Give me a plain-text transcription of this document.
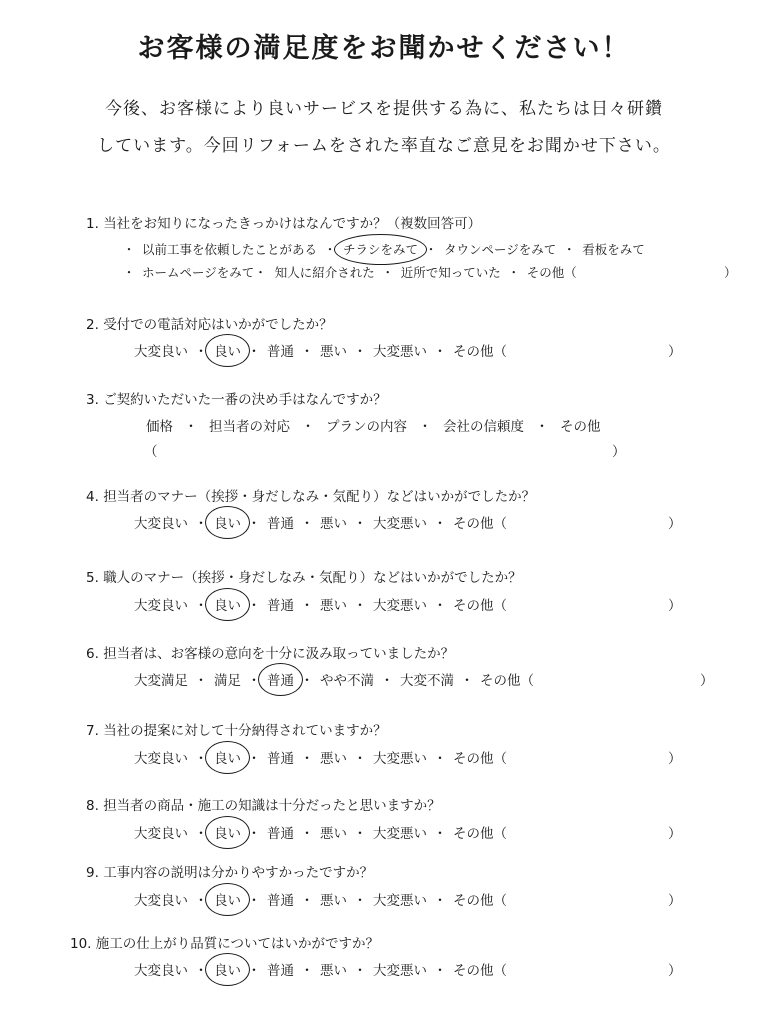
お客様の満足度をお聞かせください！
今後、お客様により良いサービスを提供する為に、私たちは日々研鑽
しています。今回リフォームをされた率直なご意見をお聞かせ下さい。
1. 当社をお知りになったきっかけはなんですか？（複数回答可）
・ 以前工事を依頼したことがある ・ チラシをみて ・ タウンページをみて ・ 看板をみて
・ ホームページをみて・ 知人に紹介された ・ 近所で知っていた ・ その他（	）
2. 受付での電話対応はいかがでしたか？
大変良い ・ 良い ・ 普通 ・ 悪い ・ 大変悪い ・ その他（	）
3. ご契約いただいた一番の決め手はなんですか？
価格 ・ 担当者の対応 ・ プランの内容 ・ 会社の信頼度 ・ その他
（	）
4. 担当者のマナー（挨拶・身だしなみ・気配り）などはいかがでしたか？
大変良い ・ 良い ・ 普通 ・ 悪い ・ 大変悪い ・ その他（	）
5. 職人のマナー（挨拶・身だしなみ・気配り）などはいかがでしたか？
大変良い ・ 良い ・ 普通 ・ 悪い ・ 大変悪い ・ その他（	）
6. 担当者は、お客様の意向を十分に汲み取っていましたか？
大変満足 ・ 満足 ・ 普通 ・ やや不満 ・ 大変不満 ・ その他（	）
7. 当社の提案に対して十分納得されていますか？
大変良い ・ 良い ・ 普通 ・ 悪い ・ 大変悪い ・ その他（	）
8. 担当者の商品・施工の知識は十分だったと思いますか？
大変良い ・ 良い ・ 普通 ・ 悪い ・ 大変悪い ・ その他（	）
9. 工事内容の説明は分かりやすかったですか？
大変良い ・ 良い ・ 普通 ・ 悪い ・ 大変悪い ・ その他（	）
10. 施工の仕上がり品質についてはいかがですか？
大変良い ・ 良い ・ 普通 ・ 悪い ・ 大変悪い ・ その他（	）
